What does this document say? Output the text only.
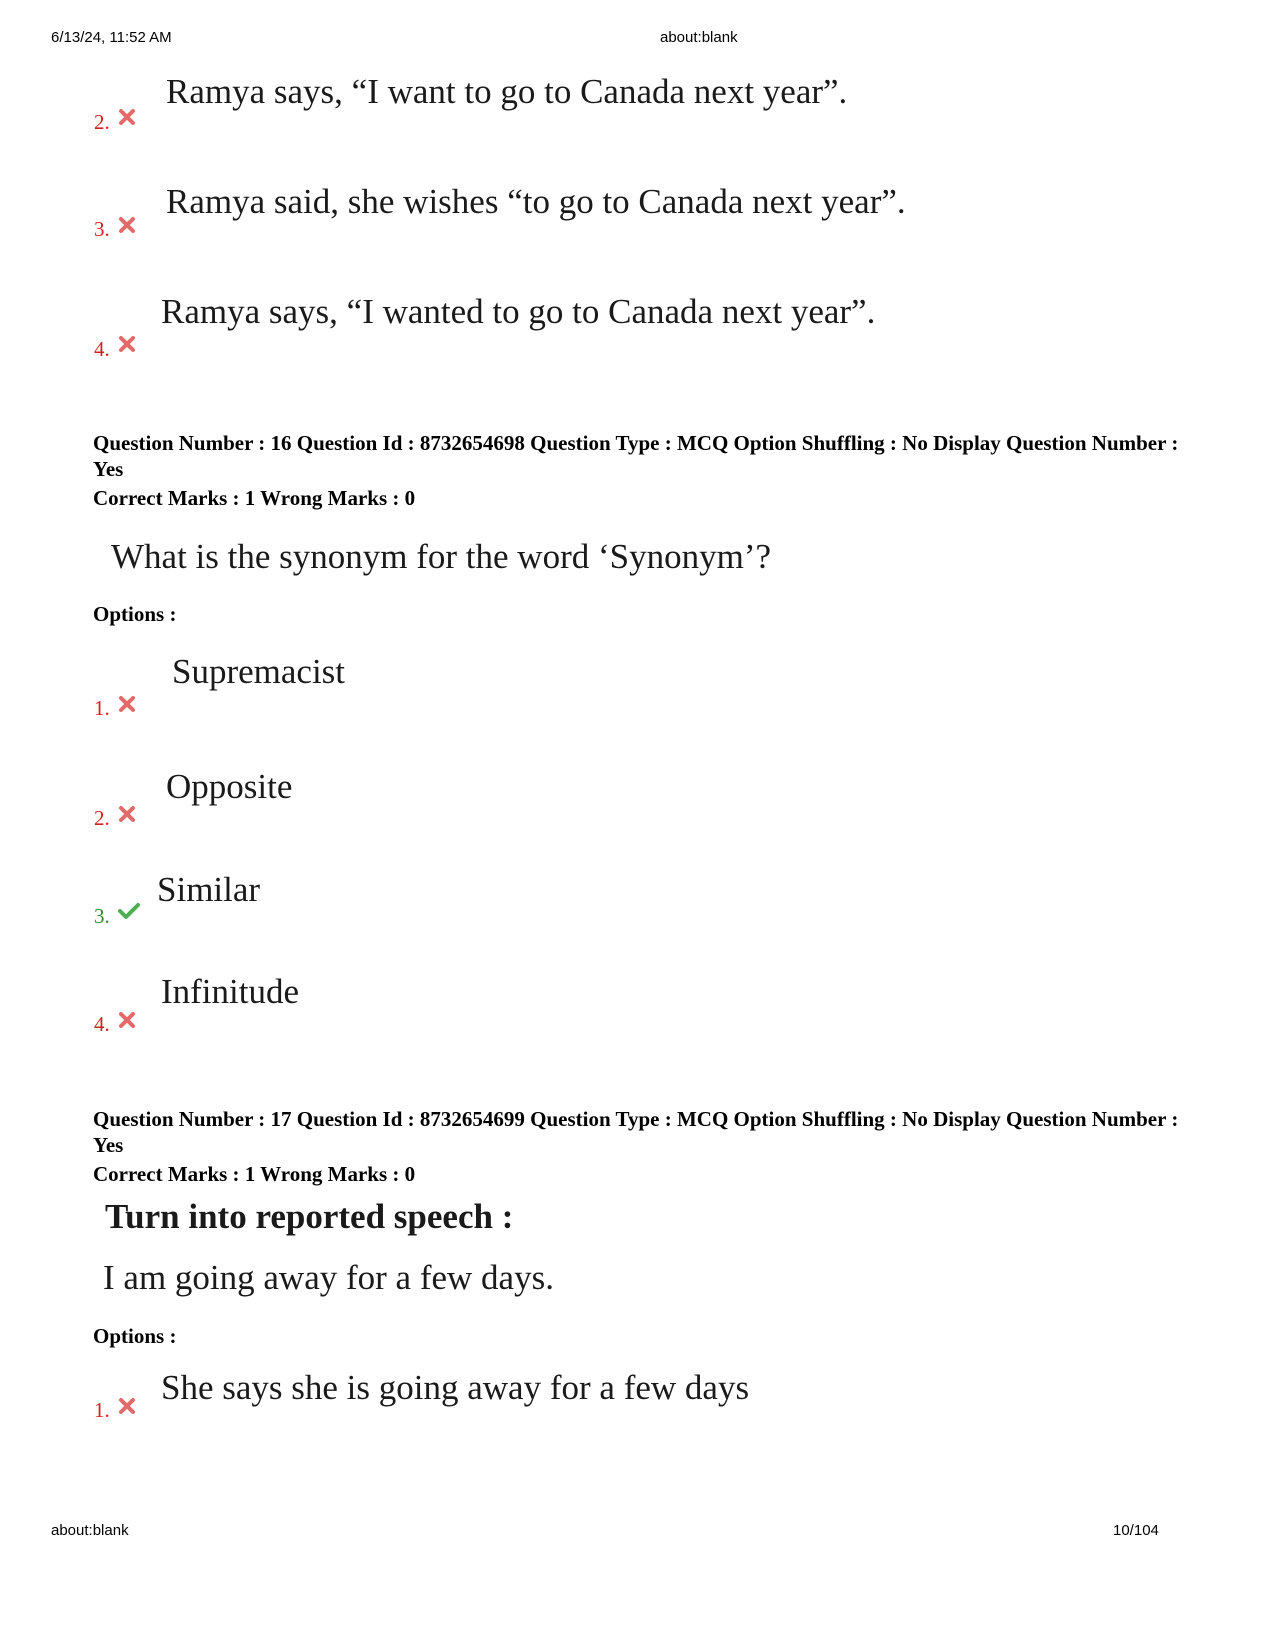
6/13/24, 11:52 AM	about:blank
2.
Ramya says, “I want to go to Canada next year”.
3.
Ramya said, she wishes “to go to Canada next year”.
4.
Ramya says, “I wanted to go to Canada next year”.
Question Number : 16 Question Id : 8732654698 Question Type : MCQ Option Shuffling : No Display Question Number : Yes
Correct Marks : 1 Wrong Marks : 0
What is the synonym for the word ‘Synonym’?
Options :
1.
Supremacist
2.
Opposite
3.
Similar
4.
Infinitude
Question Number : 17 Question Id : 8732654699 Question Type : MCQ Option Shuffling : No Display Question Number : Yes
Correct Marks : 1 Wrong Marks : 0
Turn into reported speech :
I am going away for a few days.
Options :
1.
She says she is going away for a few days
about:blank	10/104
